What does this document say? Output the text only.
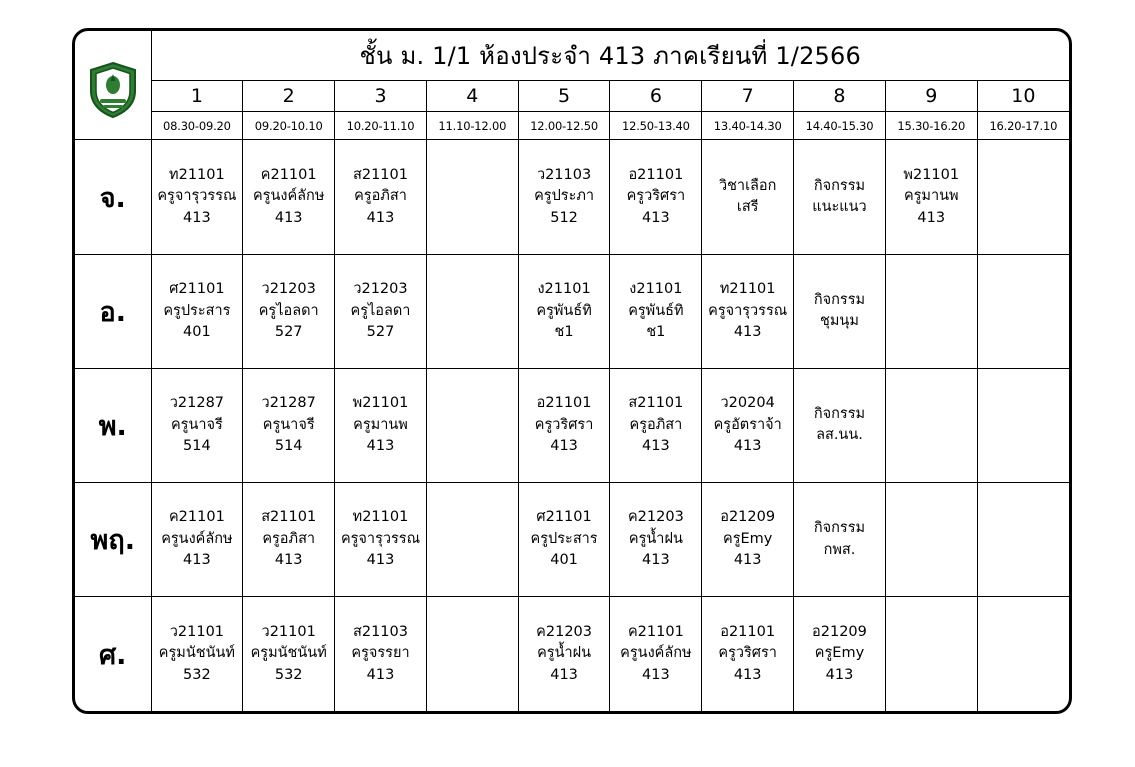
	ชั้น ม. 1/1 ห้องประจำ 413 ภาคเรียนที่ 1/2566									
	1	2	3	4	5	6	7	8	9	10
	08.30-09.20	09.20-10.10	10.20-11.10	11.10-12.00	12.00-12.50	12.50-13.40	13.40-14.30	14.40-15.30	15.30-16.20	16.20-17.10
จ.	ท21101
ครูจารุวรรณ
413	ค21101
ครูนงค์ลักษ
413	ส21101
ครูอภิสา
413		ว21103
ครูประภา
512	อ21101
ครูวริศรา
413	วิชาเลือก
เสรี	กิจกรรม
แนะแนว	พ21101
ครูมานพ
413	

อ.	ศ21101
ครูประสาร
401	ว21203
ครูไอลดา
527	ว21203
ครูไอลดา
527		ง21101
ครูพันธ์ทิ
ช1	ง21101
ครูพันธ์ทิ
ช1	ท21101
ครูจารุวรรณ
413	กิจกรรม
ชุมนุม		

พ.	ว21287
ครูนาจรี
514	ว21287
ครูนาจรี
514	พ21101
ครูมานพ
413		อ21101
ครูวริศรา
413	ส21101
ครูอภิสา
413	ว20204
ครูอัตราจ้า
413	กิจกรรม
ลส.นน.		

พฤ.	ค21101
ครูนงค์ลักษ
413	ส21101
ครูอภิสา
413	ท21101
ครูจารุวรรณ
413		ศ21101
ครูประสาร
401	ค21203
ครูน้ำฝน
413	อ21209
ครูEmy
413	กิจกรรม
กพส.		

ศ.	ว21101
ครูมนัชนันท์
532	ว21101
ครูมนัชนันท์
532	ส21103
ครูจรรยา
413		ค21203
ครูน้ำฝน
413	ค21101
ครูนงค์ลักษ
413	อ21101
ครูวริศรา
413	อ21209
ครูEmy
413		
